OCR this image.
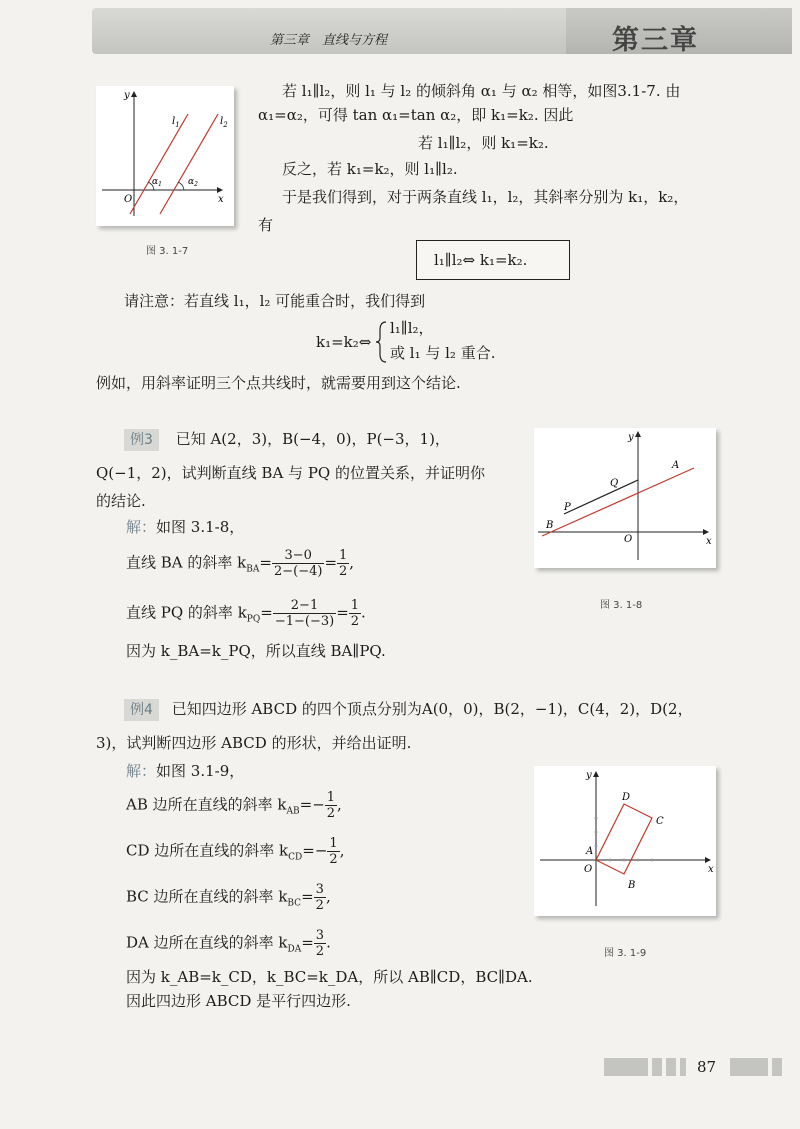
第三章　直线与方程	第三章
y
x
O
$l_1$	$l_2$
$\alpha_1$	$\alpha_2$
图 3. 1-7
若 l₁∥l₂，则 l₁ 与 l₂ 的倾斜角 α₁ 与 α₂ 相等，如图3.1-7. 由
α₁=α₂，可得 tan α₁=tan α₂，即 k₁=k₂. 因此
若 l₁∥l₂，则 k₁=k₂.
反之，若 k₁=k₂，则 l₁∥l₂.
于是我们得到，对于两条直线 l₁，l₂，其斜率分别为 k₁，k₂，
有
l₁∥l₂⇔ k₁=k₂.
请注意：若直线 l₁，l₂ 可能重合时，我们得到
k₁=k₂⇔
l₁∥l₂，
或 l₁ 与 l₂ 重合.
例如，用斜率证明三个点共线时，就需要用到这个结论.
例3 已知 A(2，3)，B(−4，0)，P(−3，1)，
Q(−1，2)，试判断直线 BA 与 PQ 的位置关系，并证明你
的结论.
解：如图 3.1-8，
直线 BA 的斜率 $k_{BA}= \frac{3-0}{2-(-4)} = \frac{1}{2}$ ,
直线 PQ 的斜率 $k_{PQ}= \frac{2-1}{-1-(-3)} = \frac{1}{2}$ .
因为 k_BA=k_PQ，所以直线 BA∥PQ.
y
x
O
A
B
P
Q
图 3. 1-8
例4 已知四边形 ABCD 的四个顶点分别为A(0，0)，B(2，−1)，C(4，2)，D(2，
3)，试判断四边形 ABCD 的形状，并给出证明.
解：如图 3.1-9，
AB 边所在直线的斜率 $k_{AB}=- \frac{1}{2}$ ,
CD 边所在直线的斜率 $k_{CD}=- \frac{1}{2}$ ,
BC 边所在直线的斜率 $k_{BC}= \frac{3}{2}$ ,
DA 边所在直线的斜率 $k_{DA}= \frac{3}{2}$ .
因为 k_AB=k_CD，k_BC=k_DA，所以 AB∥CD，BC∥DA.
因此四边形 ABCD 是平行四边形.
y
x
O
A
B
C
D
图 3. 1-9
87
